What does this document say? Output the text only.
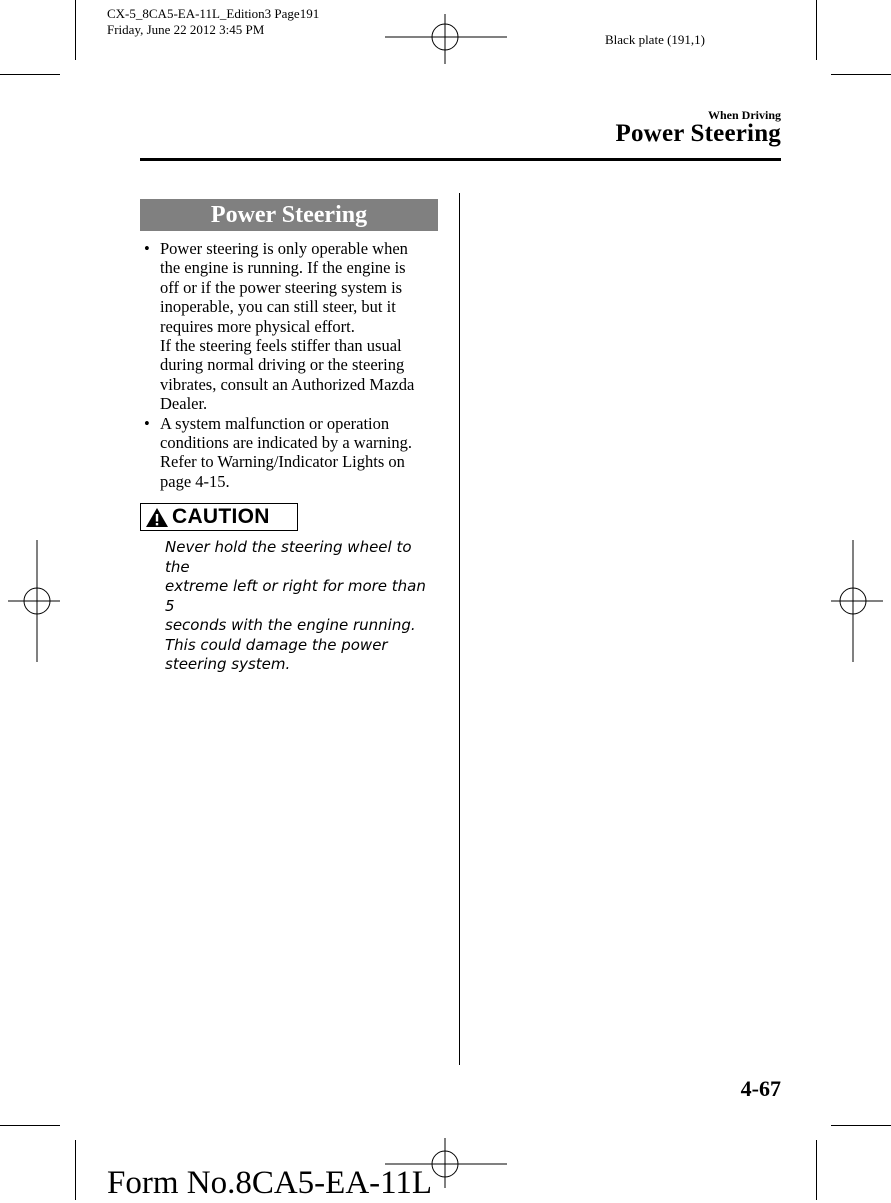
CX-5_8CA5-EA-11L_Edition3 Page191
Friday, June 22 2012 3:45 PM
Black plate (191,1)
When Driving
Power Steering
Power Steering
• Power steering is only operable when

the engine is running. If the engine is

off or if the power steering system is

inoperable, you can still steer, but it

requires more physical effort.

If the steering feels stiffer than usual

during normal driving or the steering

vibrates, consult an Authorized Mazda

Dealer.

• A system malfunction or operation

conditions are indicated by a warning.

Refer to Warning/Indicator Lights on

page 4-15.

CAUTION
Never hold the steering wheel to the
extreme left or right for more than 5
seconds with the engine running.
This could damage the power
steering system.
4-67
Form No.8CA5-EA-11L
